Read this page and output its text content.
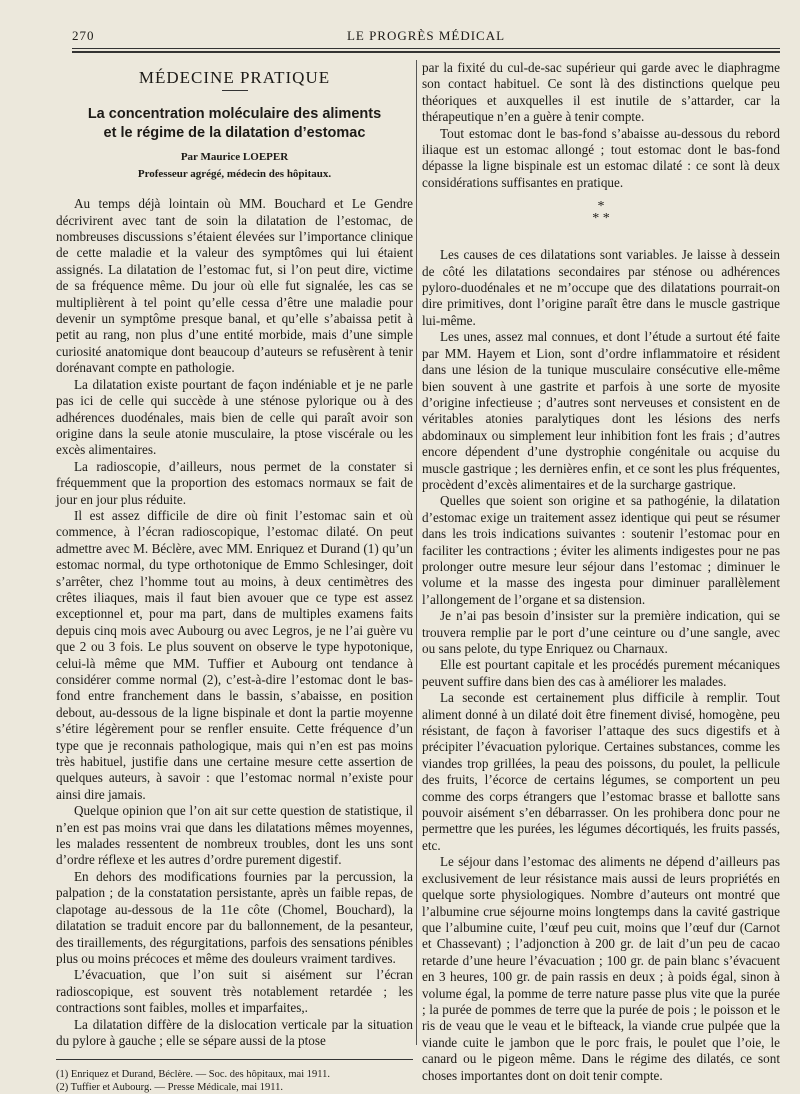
270	LE PROGRÈS MÉDICAL
MÉDECINE PRATIQUE
La concentration moléculaire des aliments
et le régime de la dilatation d’estomac
Par Maurice LOEPER
Professeur agrégé, médecin des hôpitaux.

Au temps déjà lointain où MM. Bouchard et Le Gendre décrivirent avec tant de soin la dilatation de l’estomac, de nombreuses discussions s’étaient élevées sur l’importance clinique de cette maladie et la valeur des symptômes qui lui étaient assignés. La dilatation de l’estomac fut, si l’on peut dire, victime de sa fréquence même. Du jour où elle fut signalée, les cas se multiplièrent à tel point qu’elle cessa d’être une maladie pour devenir un symptôme presque banal, et qu’elle s’abaissa petit à petit au rang, non plus d’une entité morbide, mais d’une simple curiosité anatomique dont beaucoup d’auteurs se refusèrent à tenir dorénavant compte en pathologie.

La dilatation existe pourtant de façon indéniable et je ne parle pas ici de celle qui succède à une sténose pylorique ou à des adhérences duodénales, mais bien de celle qui paraît avoir son origine dans la seule atonie musculaire, la ptose viscérale ou les excès alimentaires.

La radioscopie, d’ailleurs, nous permet de la constater si fréquemment que la proportion des estomacs normaux se fait de jour en jour plus réduite.

Il est assez difficile de dire où finit l’estomac sain et où commence, à l’écran radioscopique, l’estomac dilaté. On peut admettre avec M. Béclère, avec MM. Enriquez et Durand (1) qu’un estomac normal, du type orthotonique de Emmo Schlesinger, doit s’arrêter, chez l’homme tout au moins, à deux centimètres des crêtes iliaques, mais il faut bien avouer que ce type est assez exceptionnel et, pour ma part, dans de multiples examens faits depuis cinq mois avec Aubourg ou avec Legros, je ne l’ai guère vu que 2 ou 3 fois. Le plus souvent on observe le type hypotonique, celui-là même que MM. Tuffier et Aubourg ont tendance à considérer comme normal (2), c’est-à-dire l’estomac dont le bas-fond entre franchement dans le bassin, s’abaisse, en position debout, au-dessous de la ligne bispinale et dont la partie moyenne s’étire légèrement pour se renfler ensuite. Cette fréquence d’un type que je reconnais pathologique, mais qui n’en est pas moins très habituel, justifie dans une certaine mesure cette assertion de quelques auteurs, à savoir : que l’estomac normal n’existe pour ainsi dire jamais.

Quelque opinion que l’on ait sur cette question de statistique, il n’en est pas moins vrai que dans les dilatations mêmes moyennes, les malades ressentent de nombreux troubles, dont les uns sont d’ordre réflexe et les autres d’ordre purement digestif.

En dehors des modifications fournies par la percussion, la palpation ; de la constatation persistante, après un faible repas, de clapotage au-dessous de la 11e côte (Chomel, Bouchard), la dilatation se traduit encore par du ballonnement, de la pesanteur, des tiraillements, des régurgitations, parfois des sensations pénibles plus ou moins précoces et même des douleurs vraiment tardives.

L’évacuation, que l’on suit si aisément sur l’écran radioscopique, est souvent très notablement retardée ; les contractions sont faibles, molles et imparfaites,.

La dilatation diffère de la dislocation verticale par la situation du pylore à gauche ; elle se sépare aussi de la ptose

(1) Enriquez et Durand, Béclère. — Soc. des hôpitaux, mai 1911.
(2) Tuffier et Aubourg. — Presse Médicale, mai 1911.

par la fixité du cul-de-sac supérieur qui garde avec le diaphragme son contact habituel. Ce sont là des distinctions quelque peu théoriques et auxquelles il est inutile de s’attarder, car la thérapeutique n’en a guère à tenir compte.

Tout estomac dont le bas-fond s’abaisse au-dessous du rebord iliaque est un estomac allongé ; tout estomac dont le bas-fond dépasse la ligne bispinale est un estomac dilaté : ce sont là deux considérations suffisantes en pratique.

*
* *

Les causes de ces dilatations sont variables. Je laisse à dessein de côté les dilatations secondaires par sténose ou adhérences pyloro-duodénales et ne m’occupe que des dilatations pourrait-on dire primitives, dont l’origine paraît être dans le muscle gastrique lui-même.

Les unes, assez mal connues, et dont l’étude a surtout été faite par MM. Hayem et Lion, sont d’ordre inflammatoire et résident dans une lésion de la tunique musculaire consécutive elle-même bien souvent à une gastrite et parfois à une sorte de myosite d’origine infectieuse ; d’autres sont nerveuses et consistent en de véritables atonies paralytiques dont les lésions des nerfs abdominaux ou simplement leur inhibition font les frais ; d’autres encore dépendent d’une dystrophie congénitale ou acquise du muscle gastrique ; les dernières enfin, et ce sont les plus fréquentes, procèdent d’excès alimentaires et de la surcharge gastrique.

Quelles que soient son origine et sa pathogénie, la dilatation d’estomac exige un traitement assez identique qui peut se résumer dans les trois indications suivantes : soutenir l’estomac pour en faciliter les contractions ; éviter les aliments indigestes pour ne pas prolonger outre mesure leur séjour dans l’estomac ; diminuer le volume et la masse des ingesta pour diminuer parallèlement l’allongement de l’organe et sa distension.

Je n’ai pas besoin d’insister sur la première indication, qui se trouvera remplie par le port d’une ceinture ou d’une sangle, avec ou sans pelote, du type Enriquez ou Charnaux.

Elle est pourtant capitale et les procédés purement mécaniques peuvent suffire dans bien des cas à améliorer les malades.

La seconde est certainement plus difficile à remplir. Tout aliment donné à un dilaté doit être finement divisé, homogène, peu résistant, de façon à favoriser l’attaque des sucs digestifs et à précipiter l’évacuation pylorique. Certaines substances, comme les viandes trop grillées, la peau des poissons, du poulet, la pellicule des fruits, l’écorce de certains légumes, se comportent un peu comme des corps étrangers que l’estomac brasse et ballotte sans pouvoir aisément s’en débarrasser. On les prohibera donc pour ne permettre que les purées, les légumes décortiqués, les fruits passés, etc.

Le séjour dans l’estomac des aliments ne dépend d’ailleurs pas exclusivement de leur résistance mais aussi de leurs propriétés en quelque sorte physiologiques. Nombre d’auteurs ont montré que l’albumine crue séjourne moins longtemps dans la cavité gastrique que l’albumine cuite, l’œuf peu cuit, moins que l’œuf dur (Carnot et Chassevant) ; l’adjonction à 200 gr. de lait d’un peu de cacao retarde d’une heure l’évacuation ; 100 gr. de pain blanc s’évacuent en 3 heures, 100 gr. de pain rassis en deux ; à poids égal, sinon à volume égal, la pomme de terre nature passe plus vite que la purée ; la purée de pommes de terre que la purée de pois ; le poisson et le ris de veau que le veau et le bifteack, la viande crue pulpée que la viande cuite le jambon que le porc frais, le poulet que l’oie, le canard ou le pigeon même. Dans le régime des dilatés, ce sont choses importantes dont on doit tenir compte.
